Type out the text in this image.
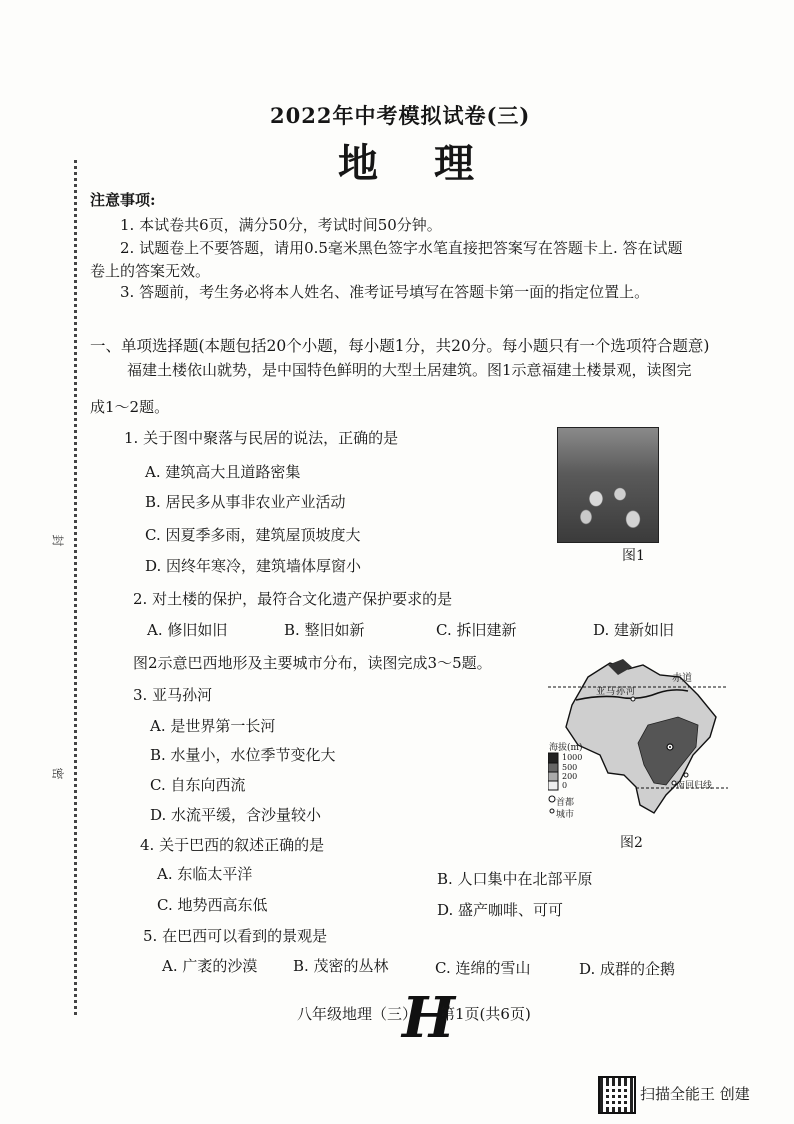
封
密
2022年中考模拟试卷(三)
地理
注意事项:
1. 本试卷共6页，满分50分，考试时间50分钟。
2. 试题卷上不要答题，请用0.5毫米黑色签字水笔直接把答案写在答题卡上. 答在试题
卷上的答案无效。
3. 答题前，考生务必将本人姓名、准考证号填写在答题卡第一面的指定位置上。
一、单项选择题(本题包括20个小题，每小题1分，共20分。每小题只有一个选项符合题意)
福建土楼依山就势，是中国特色鲜明的大型土居建筑。图1示意福建土楼景观，读图完
成1～2题。
1. 关于图中聚落与民居的说法，正确的是
A. 建筑高大且道路密集
B. 居民多从事非农业产业活动
C. 因夏季多雨，建筑屋顶坡度大
D. 因终年寒冷，建筑墙体厚窗小
图1
2. 对土楼的保护，最符合文化遗产保护要求的是
A. 修旧如旧	B. 整旧如新	C. 拆旧建新	D. 建新如旧
图2示意巴西地形及主要城市分布，读图完成3～5题。
3. 亚马孙河
A. 是世界第一长河
B. 水量小，水位季节变化大
C. 自东向西流
D. 水流平缓，含沙量较小
赤道
亚马孙河
南回归线
海拔(m)
1000
500
200
0
首都
城市
图2
4. 关于巴西的叙述正确的是
A. 东临太平洋	B. 人口集中在北部平原
C. 地势西高东低	D. 盛产咖啡、可可
5. 在巴西可以看到的景观是
A. 广袤的沙漠 B. 茂密的丛林	C. 连绵的雪山	D. 成群的企鹅
八年级地理（三）
H
第1页(共6页)
扫描全能王 创建
